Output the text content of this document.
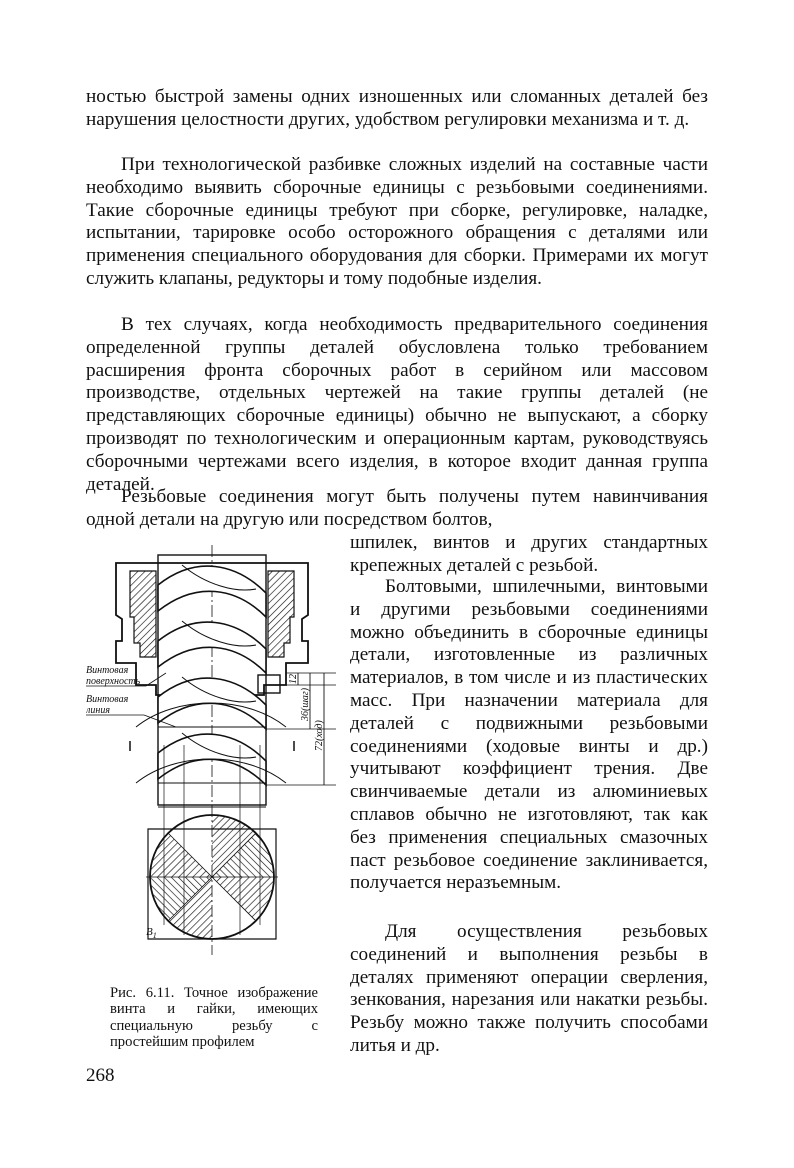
ностью быстрой замены одних изношенных или сломанных деталей без нарушения целостности других, удобством регулировки механизма и т. д.

При технологической разбивке сложных изделий на составные части необходимо выявить сборочные единицы с резьбовыми соединениями. Такие сборочные единицы требуют при сборке, регулировке, наладке, испытании, тарировке особо осторожного обращения с деталями или применения специального оборудования для сборки. Примерами их могут служить клапаны, редукторы и тому подобные изделия.

В тех случаях, когда необходимость предварительного соединения определенной группы деталей обусловлена только требованием расширения фронта сборочных работ в серийном или массовом производстве, отдельных чертежей на такие группы деталей (не представляющих сборочные единицы) обычно не выпускают, а сборку производят по технологическим и операционным картам, руководствуясь сборочными чертежами всего изделия, в которое входит данная группа деталей.

Резьбовые соединения могут быть получены путем навинчивания одной детали на другую или посредством болтов,

шпилек, винтов и других стандартных крепежных деталей с резьбой.

Болтовыми, шпилечными, винтовыми и другими резьбовыми соединениями можно объединить в сборочные единицы детали, изготовленные из различных материалов, в том числе и из пластических масс. При назначении материала для деталей с подвижными резьбовыми соединениями (ходовые винты и др.) учитывают коэффициент трения. Две свинчиваемые детали из алюминиевых сплавов обычно не изготовляют, так как без применения специальных смазочных паст резьбовое соединение заклинивается, получается неразъемным.

Для осуществления резьбовых соединений и выполнения резьбы в деталях применяют операции сверления, зенкования, нарезания или накатки резьбы. Резьбу можно также получить способами литья и др.

$B_1$
Винтовая
поверхность
Винтовая
линия
12
36(шаг)
72(ход)

Рис. 6.11. Точное изображение винта и гайки, имеющих специальную резьбу с простейшим профилем

268
